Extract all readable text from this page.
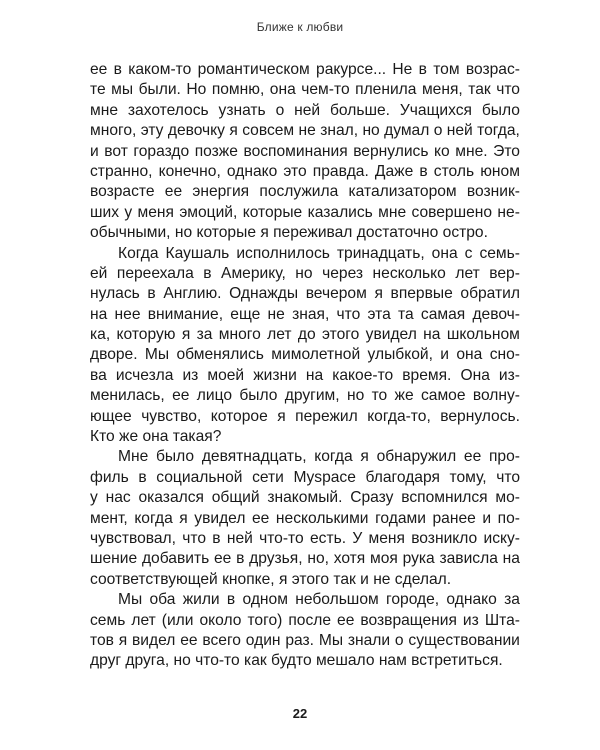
Ближе к любви
ее в каком-то романтическом ракурсе... Не в том возрас-
те мы были. Но помню, она чем-то пленила меня, так что
мне захотелось узнать о ней больше. Учащихся было
много, эту девочку я совсем не знал, но думал о ней тогда,
и вот гораздо позже воспоминания вернулись ко мне. Это
странно, конечно, однако это правда. Даже в столь юном
возрасте ее энергия послужила катализатором возник-
ших у меня эмоций, которые казались мне совершено не-
обычными, но которые я переживал достаточно остро.
Когда Каушаль исполнилось тринадцать, она с семь-
ей переехала в Америку, но через несколько лет вер-
нулась в Англию. Однажды вечером я впервые обратил
на нее внимание, еще не зная, что эта та самая девоч-
ка, которую я за много лет до этого увидел на школьном
дворе. Мы обменялись мимолетной улыбкой, и она сно-
ва исчезла из моей жизни на какое-то время. Она из-
менилась, ее лицо было другим, но то же самое волну-
ющее чувство, которое я пережил когда-то, вернулось.
Кто же она такая?
Мне было девятнадцать, когда я обнаружил ее про-
филь в социальной сети Myspace благодаря тому, что
у нас оказался общий знакомый. Сразу вспомнился мо-
мент, когда я увидел ее несколькими годами ранее и по-
чувствовал, что в ней что-то есть. У меня возникло иску-
шение добавить ее в друзья, но, хотя моя рука зависла на
соответствующей кнопке, я этого так и не сделал.
Мы оба жили в одном небольшом городе, однако за
семь лет (или около того) после ее возвращения из Шта-
тов я видел ее всего один раз. Мы знали о существовании
друг друга, но что-то как будто мешало нам встретиться.
22
